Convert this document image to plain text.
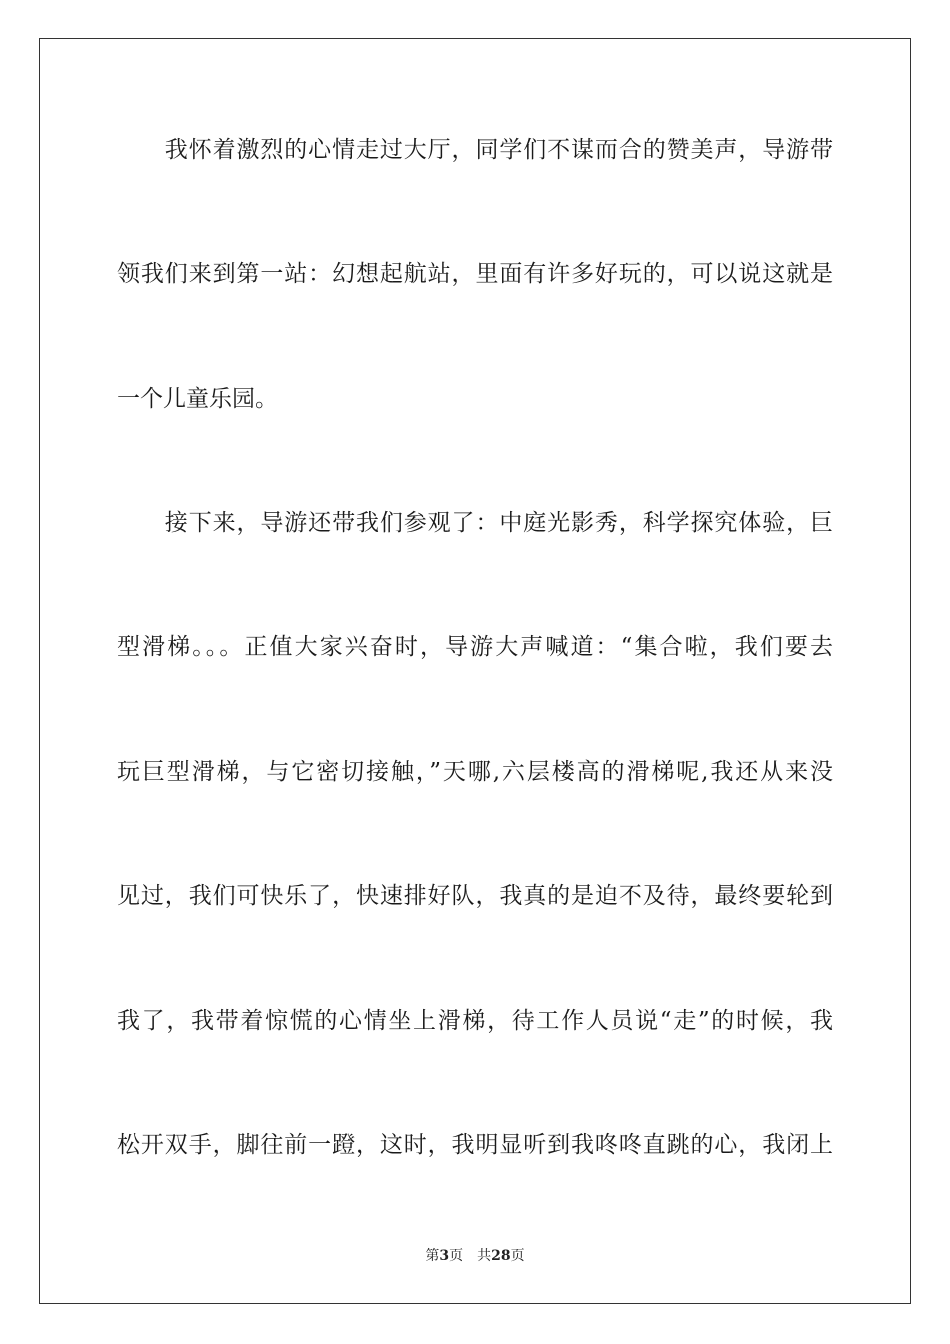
　　我怀着激烈的心情走过大厅，同学们不谋而合的赞美声，导游带
领我们来到第一站：幻想起航站，里面有许多好玩的，可以说这就是
一个儿童乐园。
　　接下来，导游还带我们参观了：中庭光影秀，科学探究体验，巨
型滑梯。。。正值大家兴奋时，导游大声喊道：“集合啦，我们要去
玩巨型滑梯，与它密切接触，”天哪,六层楼高的滑梯呢,我还从来没
见过，我们可快乐了，快速排好队，我真的是迫不及待，最终要轮到
我了，我带着惊慌的心情坐上滑梯，待工作人员说“走”的时候，我
松开双手，脚往前一蹬，这时，我明显听到我咚咚直跳的心，我闭上
第3页 共28页
